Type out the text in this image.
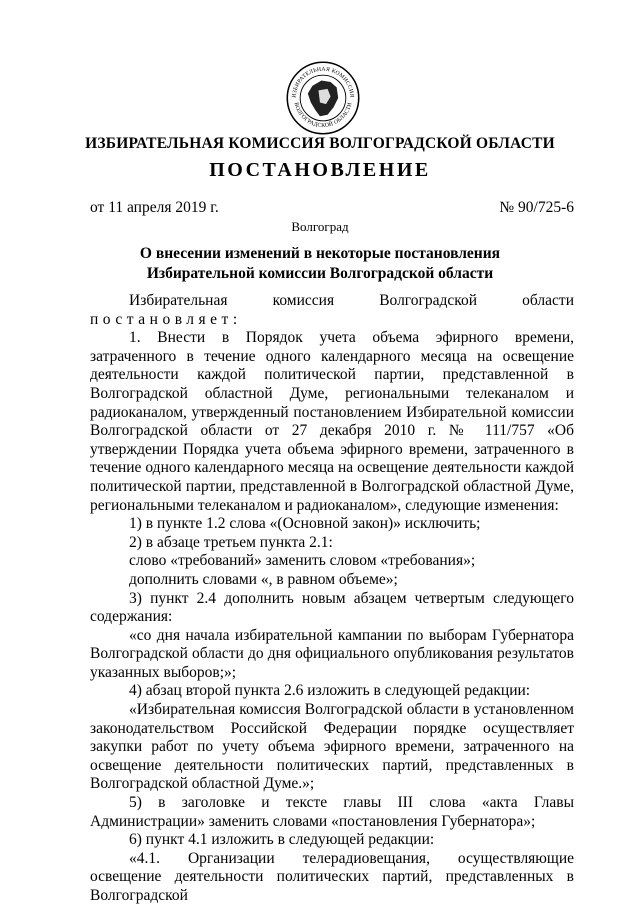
ИЗБИРАТЕЛЬНАЯ КОМИССИЯ
ВОЛГОГРАДСКОЙ ОБЛАСТИ
ИЗБИРАТЕЛЬНАЯ КОМИССИЯ ВОЛГОГРАДСКОЙ ОБЛАСТИ
ПОСТАНОВЛЕНИЕ
от 11 апреля 2019 г.	№ 90/725-6
Волгоград
О внесении изменений в некоторые постановления
Избирательной комиссии Волгоградской области

Избирательная комиссия Волгоградской области

постановляет:

1. Внести в Порядок учета объема эфирного времени, затраченного в течение одного календарного месяца на освещение деятельности каждой политической партии, представленной в Волгоградской областной Думе, региональными телеканалом и радиоканалом, утвержденный постановлением Избирательной комиссии Волгоградской области от 27 декабря 2010 г. № 111/757 «Об утверждении Порядка учета объема эфирного времени, затраченного в течение одного календарного месяца на освещение деятельности каждой политической партии, представленной в Волгоградской областной Думе, региональными телеканалом и радиоканалом», следующие изменения:

1) в пункте 1.2 слова «(Основной закон)» исключить;

2) в абзаце третьем пункта 2.1:

слово «требований» заменить словом «требования»;

дополнить словами «, в равном объеме»;

3) пункт 2.4 дополнить новым абзацем четвертым следующего содержания:

«со дня начала избирательной кампании по выборам Губернатора Волгоградской области до дня официального опубликования результатов указанных выборов;»;

4) абзац второй пункта 2.6 изложить в следующей редакции:

«Избирательная комиссия Волгоградской области в установленном законодательством Российской Федерации порядке осуществляет закупки работ по учету объема эфирного времени, затраченного на освещение деятельности политических партий, представленных в Волгоградской областной Думе.»;

5) в заголовке и тексте главы III слова «акта Главы Администрации» заменить словами «постановления Губернатора»;

6) пункт 4.1 изложить в следующей редакции:

«4.1. Организации телерадиовещания, осуществляющие освещение деятельности политических партий, представленных в Волгоградской
